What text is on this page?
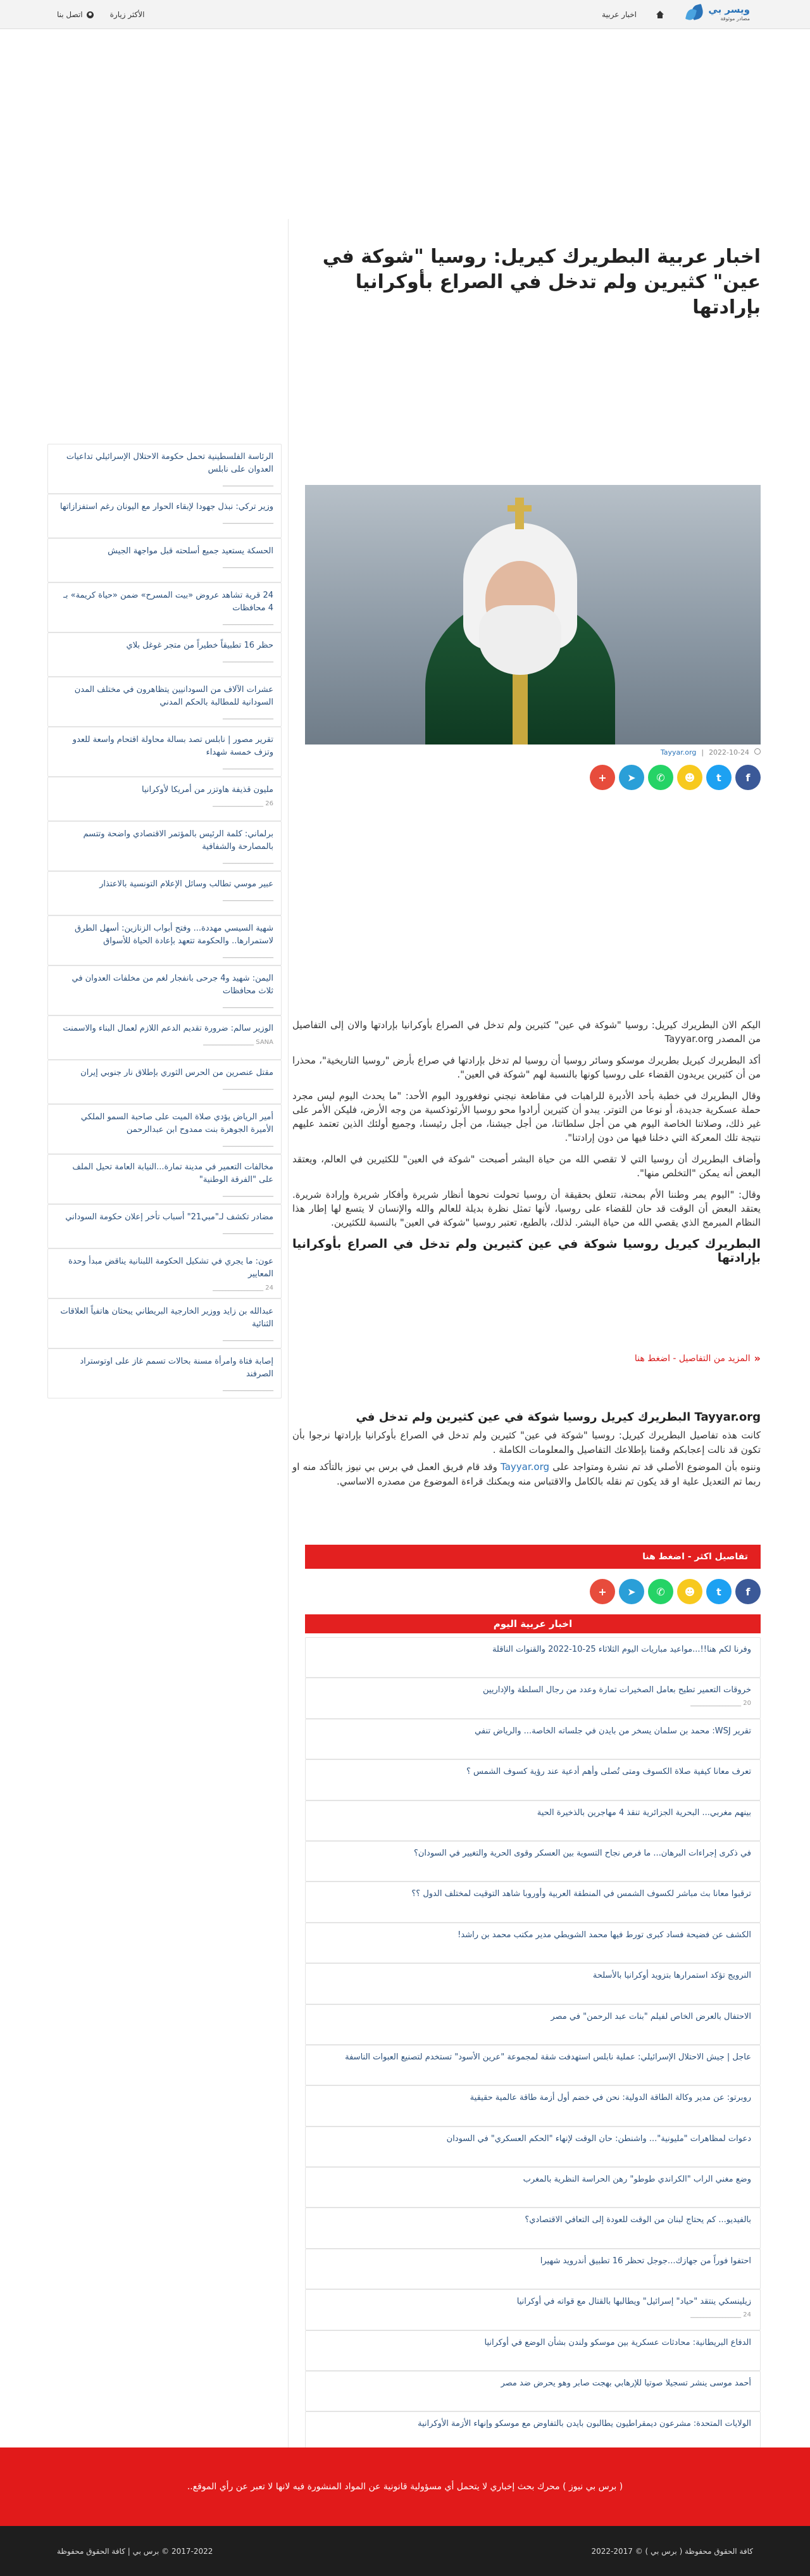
ويسر بي
مصادر موثوقة
اخبار عربية
الأكثر زيارة
اتصل بنا
اخبار عربية البطريرك كيريل: روسيا "شوكة في عين" كثيرين ولم تدخل في الصراع بأوكرانيا بإرادتها
2022-10-24
|
Tayyar.org
f
t
☻
✆
➤
+

اليكم الان البطريرك كيريل: روسيا "شوكة في عين" كثيرين ولم تدخل في الصراع بأوكرانيا بإرادتها والان إلى التفاصيل من المصدر Tayyar.org

أكد البطريرك كيريل بطريرك موسكو وسائر روسيا أن روسيا لم تدخل بإرادتها في صراع بأرض "روسيا التاريخية"، محذرا من أن كثيرين يريدون القضاء على روسيا كونها بالنسبة لهم "شوكة في العين".

وقال البطريرك في خطبة بأحد الأديرة للراهبات في مقاطعة نيجني نوفغورود اليوم الأحد: "ما يحدث اليوم ليس مجرد حملة عسكرية جديدة، أو نوعا من التوتر. يبدو أن كثيرين أرادوا محو روسيا الأرثوذكسية من وجه الأرض، فليكن الأمر على غير ذلك، وصلاتنا الخاصة اليوم هي من أجل سلطاتنا، من أجل جيشنا، من أجل رئيسنا، وجميع أولئك الذين تعتمد عليهم نتيجة تلك المعركة التي دخلنا فيها من دون إرادتنا".

وأضاف البطريرك أن روسيا التي لا تقصي الله من حياة البشر أصبحت "شوكة في العين" للكثيرين في العالم، ويعتقد البعض أنه يمكن "التخلص منها".

وقال: "اليوم يمر وطننا الأم بمحنة، تتعلق بحقيقة أن روسيا تحولت نحوها أنظار شريرة وأفكار شريرة وإرادة شريرة. يعتقد البعض أن الوقت قد حان للقضاء على روسيا، لأنها تمثل نظرة بديلة للعالم والله والإنسان لا يتسع لها إطار هذا النظام المبرمج الذي يقصي الله من حياة البشر. لذلك، بالطبع، تعتبر روسيا "شوكة في العين" بالنسبة للكثيرين.

البطريرك كيريل روسيا شوكة في عين كثيرين ولم تدخل في الصراع بأوكرانيا بإرادتها

«
المزيد من التفاصيل - اضغط هنا
Tayyar.org البطريرك كيريل روسيا شوكة في عين كثيرين ولم تدخل في

كانت هذه تفاصيل البطريرك كيريل: روسيا "شوكة في عين" كثيرين ولم تدخل في الصراع بأوكرانيا بإرادتها نرجوا بأن تكون قد نالت إعجابكم وقمنا بإطلاعك التفاصيل والمعلومات الكاملة .

وننوه بأن الموضوع الأصلي قد تم نشرة ومتواجد على Tayyar.org وقد قام فريق العمل في برس بي نيوز بالتأكد منه او ربما تم التعديل علية او قد يكون تم نقله بالكامل والاقتباس منه ويمكنك قراءة الموضوع من مصدره الاساسي.

تفاصيل اكثر - اضغط هنا
f
t
☻
✆
➤
+
اخبار عربية اليوم
وفرنا لكم هنا!!...مواعيد مباريات اليوم الثلاثاء 25-10-2022 والقنوات الناقلة
خروقات التعمير تطيح بعامل الصخيرات تمارة وعدد من رجال السلطة والإداريين
20 ________________
تقرير WSJ: محمد بن سلمان يسخر من بايدن في جلساته الخاصة... والرياض تنفي
تعرف معانا كيفية صلاة الكسوف ومتى تُصلى وأهم أدعية عند رؤية كسوف الشمس ؟
بينهم مغربي... البحرية الجزائرية تنقذ 4 مهاجرين بالذخيرة الحية
في ذكرى إجراءات البرهان... ما فرص نجاح التسوية بين العسكر وقوى الحرية والتغيير في السودان؟
ترقبوا معانا بث مباشر لكسوف الشمس في المنطقة العربية وأوروبا شاهد التوقيت لمختلف الدول ؟؟
الكشف عن فضيحة فساد كبرى تورط فيها محمد الشويطي مدير مكتب محمد بن راشد!
النرويج تؤكد استمرارها بتزويد أوكرانيا بالأسلحة
الاحتفال بالعرض الخاص لفيلم "بنات عبد الرحمن" في مصر
عاجل | جيش الاحتلال الإسرائيلي: عملية نابلس استهدفت شقة لمجموعة "عرين الأسود" تستخدم لتصنيع العبوات الناسفة
روبرتو: عن مدير وكالة الطاقة الدولية: نحن في خضم أول أزمة طاقة عالمية حقيقية
دعوات لمظاهرات "مليونية"... واشنطن: حان الوقت لإنهاء "الحكم العسكري" في السودان
وضع مغني الراب "الكراندي طوطو" رهن الحراسة النظرية بالمغرب
بالفيديو... كم يحتاج لبنان من الوقت للعودة إلى التعافي الاقتصادي؟
احتفوا فوراً من جهازك...جوجل تحظر 16 تطبيق أندرويد شهيرا
زيلينسكي ينتقد "حياد" إسرائيل" ويطالبها بالقتال مع قواته في أوكرانيا
24 ________________
الدفاع البريطانية: محادثات عسكرية بين موسكو ولندن بشأن الوضع في أوكرانيا
أحمد موسى ينشر تسجيلا صوتيا للإرهابي بهجت صابر وهو يحرض ضد مصر
الولايات المتحدة: مشرعون ديمقراطيون يطالبون بايدن بالتفاوض مع موسكو وإنهاء الأزمة الأوكرانية
الرئاسة الفلسطينية تحمل حكومة الاحتلال الإسرائيلي تداعيات العدوان على نابلس
________________
وزير تركي: نبذل جهودا لإبقاء الحوار مع اليونان رغم استفزازاتها
________________
الحسكة يستعيد جميع أسلحته قبل مواجهة الجيش
________________
24 قرية تشاهد عروض «بيت المسرح» ضمن «حياة كريمة» بـ 4 محافظات
________________
حظر 16 تطبيقاً خطيراً من متجر غوغل بلاي
________________
عشرات الآلاف من السودانيين يتظاهرون في مختلف المدن السودانية للمطالبة بالحكم المدني
________________
تقرير مصور | نابلس تصد بسالة محاولة اقتحام واسعة للعدو وتزف خمسة شهداء
________________
مليون قذيفة هاوتزر من أمريكا لأوكرانيا
26 ________________
برلماني: كلمة الرئيس بالمؤتمر الاقتصادي واضحة وتتسم بالمصارحة والشفافية
________________
عبير موسي تطالب وسائل الإعلام التونسية بالاعتذار
________________
شهية السيسي مهددة... وفتح أبواب الزنازين: أسهل الطرق لاستمرارها.. والحكومة تتعهد بإعادة الحياة للأسواق
________________
اليمن: شهيد و4 جرحى بانفجار لغم من مخلفات العدوان في ثلاث محافظات
________________
الوزير سالم: ضرورة تقديم الدعم اللازم لعمال البناء والاسمنت
SANA ________________
مقتل عنصرين من الحرس الثوري بإطلاق نار جنوبي إيران
________________
أمير الرياض يؤدي صلاة الميت على صاحبة السمو الملكي الأميرة الجوهرة بنت ممدوح ابن عبدالرحمن
________________
مخالفات التعمير في مدينة تمارة...النيابة العامة تحيل الملف على "الفرقة الوطنية"
________________
مضادر تكشف لـ"مبي21" أسباب تأخر إعلان حكومة السوداني
________________
عون: ما يجري في تشكيل الحكومة اللبنانية يناقض مبدأ وحدة المعايير
24 ________________
عبدالله بن زايد ووزير الخارجية البريطاني يبحثان هاتفياً العلاقات الثنائية
________________
إصابة فتاة وامرأة مسنة بحالات تسمم غاز على اوتوستراد الصرفند
________________
( برس بي نيوز ) محرك بحث إخباري لا يتحمل أي مسؤولية قانونية عن المواد المنشورة فيه لانها لا تعبر عن رأي الموقع..
كافة الحقوق محفوظة ( برس بي ) © 2017-2022
2017-2022 © برس بي | كافة الحقوق محفوظة
